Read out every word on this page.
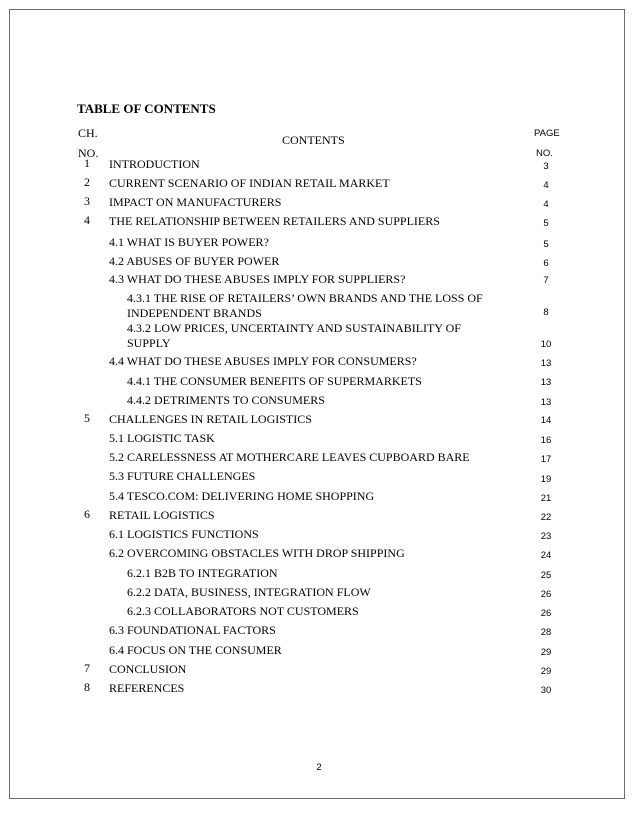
TABLE OF CONTENTS
CH.
NO.
CONTENTS	PAGE
NO.
1 INTRODUCTION	3
2 CURRENT SCENARIO OF INDIAN RETAIL MARKET	4
3 IMPACT ON MANUFACTURERS	4
4 THE RELATIONSHIP BETWEEN RETAILERS AND SUPPLIERS	5
4.1 WHAT IS BUYER POWER?	5
4.2 ABUSES OF BUYER POWER	6
4.3 WHAT DO THESE ABUSES IMPLY FOR SUPPLIERS?	7
4.3.1 THE RISE OF RETAILERS’ OWN BRANDS AND THE LOSS OF
INDEPENDENT BRANDS	8
4.3.2 LOW PRICES, UNCERTAINTY AND SUSTAINABILITY OF
SUPPLY	10
4.4 WHAT DO THESE ABUSES IMPLY FOR CONSUMERS?	13
4.4.1 THE CONSUMER BENEFITS OF SUPERMARKETS	13
4.4.2 DETRIMENTS TO CONSUMERS	13
5 CHALLENGES IN RETAIL LOGISTICS	14
5.1 LOGISTIC TASK	16
5.2 CARELESSNESS AT MOTHERCARE LEAVES CUPBOARD BARE	17
5.3 FUTURE CHALLENGES	19
5.4 TESCO.COM: DELIVERING HOME SHOPPING	21
6 RETAIL LOGISTICS	22
6.1 LOGISTICS FUNCTIONS	23
6.2 OVERCOMING OBSTACLES WITH DROP SHIPPING	24
6.2.1 B2B TO INTEGRATION	25
6.2.2 DATA, BUSINESS, INTEGRATION FLOW	26
6.2.3 COLLABORATORS NOT CUSTOMERS	26
6.3 FOUNDATIONAL FACTORS	28
6.4 FOCUS ON THE CONSUMER	29
7 CONCLUSION	29
8 REFERENCES	30
2
